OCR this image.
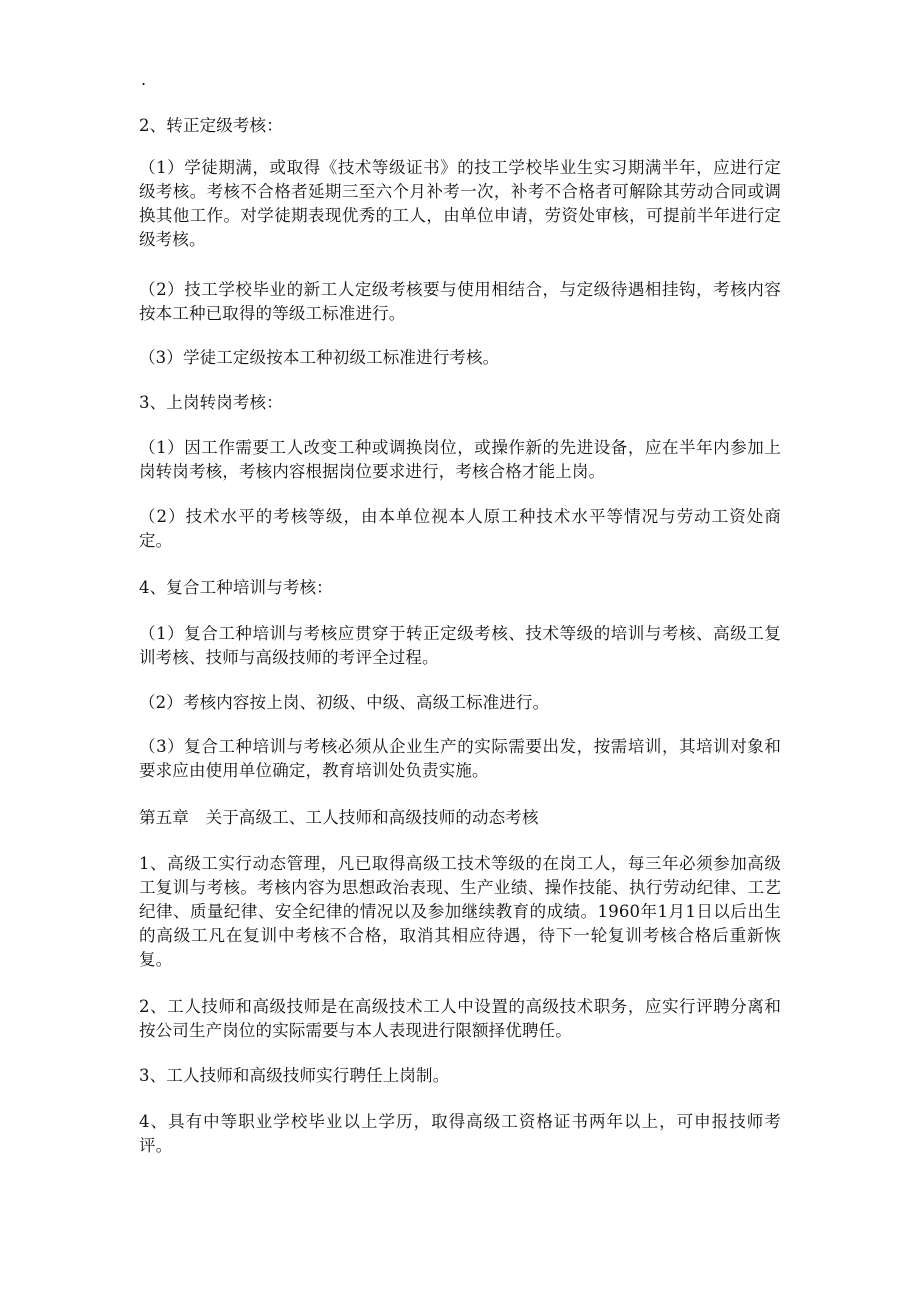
.

2、转正定级考核：

（1）学徒期满，或取得《技术等级证书》的技工学校毕业生实习期满半年，应进行定级考核。考核不合格者延期三至六个月补考一次，补考不合格者可解除其劳动合同或调换其他工作。对学徒期表现优秀的工人，由单位申请，劳资处审核，可提前半年进行定级考核。

（2）技工学校毕业的新工人定级考核要与使用相结合，与定级待遇相挂钩，考核内容按本工种已取得的等级工标准进行。

（3）学徒工定级按本工种初级工标准进行考核。

3、上岗转岗考核：

（1）因工作需要工人改变工种或调换岗位，或操作新的先进设备，应在半年内参加上岗转岗考核，考核内容根据岗位要求进行，考核合格才能上岗。

（2）技术水平的考核等级，由本单位视本人原工种技术水平等情况与劳动工资处商定。

4、复合工种培训与考核：

（1）复合工种培训与考核应贯穿于转正定级考核、技术等级的培训与考核、高级工复训考核、技师与高级技师的考评全过程。

（2）考核内容按上岗、初级、中级、高级工标准进行。

（3）复合工种培训与考核必须从企业生产的实际需要出发，按需培训，其培训对象和要求应由使用单位确定，教育培训处负责实施。

第五章　关于高级工、工人技师和高级技师的动态考核

1、高级工实行动态管理，凡已取得高级工技术等级的在岗工人，每三年必须参加高级工复训与考核。考核内容为思想政治表现、生产业绩、操作技能、执行劳动纪律、工艺纪律、质量纪律、安全纪律的情况以及参加继续教育的成绩。1960年1月1日以后出生的高级工凡在复训中考核不合格，取消其相应待遇，待下一轮复训考核合格后重新恢复。

2、工人技师和高级技师是在高级技术工人中设置的高级技术职务，应实行评聘分离和按公司生产岗位的实际需要与本人表现进行限额择优聘任。

3、工人技师和高级技师实行聘任上岗制。

4、具有中等职业学校毕业以上学历，取得高级工资格证书两年以上，可申报技师考评。
